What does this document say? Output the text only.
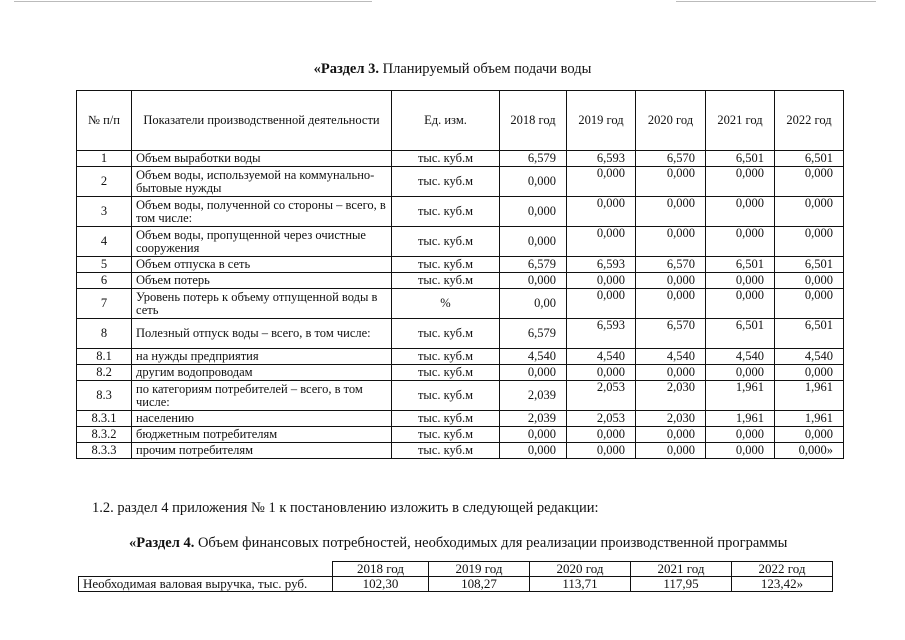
«Раздел 3. Планируемый объем подачи воды
№ п/п	Показатели производственной деятельности	Ед. изм.	2018 год	2019 год	2020 год	2021 год	2022 год
1	Объем выработки воды	тыс. куб.м	6,579	6,593	6,570	6,501	6,501
2	Объем воды, используемой на коммунально-бытовые нужды	тыс. куб.м	0,000	0,000	0,000	0,000	0,000
3	Объем воды, полученной со стороны – всего, в том числе:	тыс. куб.м	0,000	0,000	0,000	0,000	0,000
4	Объем воды, пропущенной через очистные сооружения	тыс. куб.м	0,000	0,000	0,000	0,000	0,000
5	Объем отпуска в сеть	тыс. куб.м	6,579	6,593	6,570	6,501	6,501
6	Объем потерь	тыс. куб.м	0,000	0,000	0,000	0,000	0,000
7	Уровень потерь к объему отпущенной воды в сеть	%	0,00	0,000	0,000	0,000	0,000
8	Полезный отпуск воды – всего, в том числе:	тыс. куб.м	6,579	6,593	6,570	6,501	6,501
8.1	на нужды предприятия	тыс. куб.м	4,540	4,540	4,540	4,540	4,540
8.2	другим водопроводам	тыс. куб.м	0,000	0,000	0,000	0,000	0,000
8.3	по категориям потребителей – всего, в том числе:	тыс. куб.м	2,039	2,053	2,030	1,961	1,961
8.3.1	населению	тыс. куб.м	2,039	2,053	2,030	1,961	1,961
8.3.2	бюджетным потребителям	тыс. куб.м	0,000	0,000	0,000	0,000	0,000
8.3.3	прочим потребителям	тыс. куб.м	0,000	0,000	0,000	0,000	0,000»
1.2. раздел 4 приложения № 1 к постановлению изложить в следующей редакции:
«Раздел 4. Объем финансовых потребностей, необходимых для реализации производственной программы
	2018 год	2019 год	2020 год	2021 год	2022 год
Необходимая валовая выручка, тыс. руб.	102,30	108,27	113,71	117,95	123,42»
